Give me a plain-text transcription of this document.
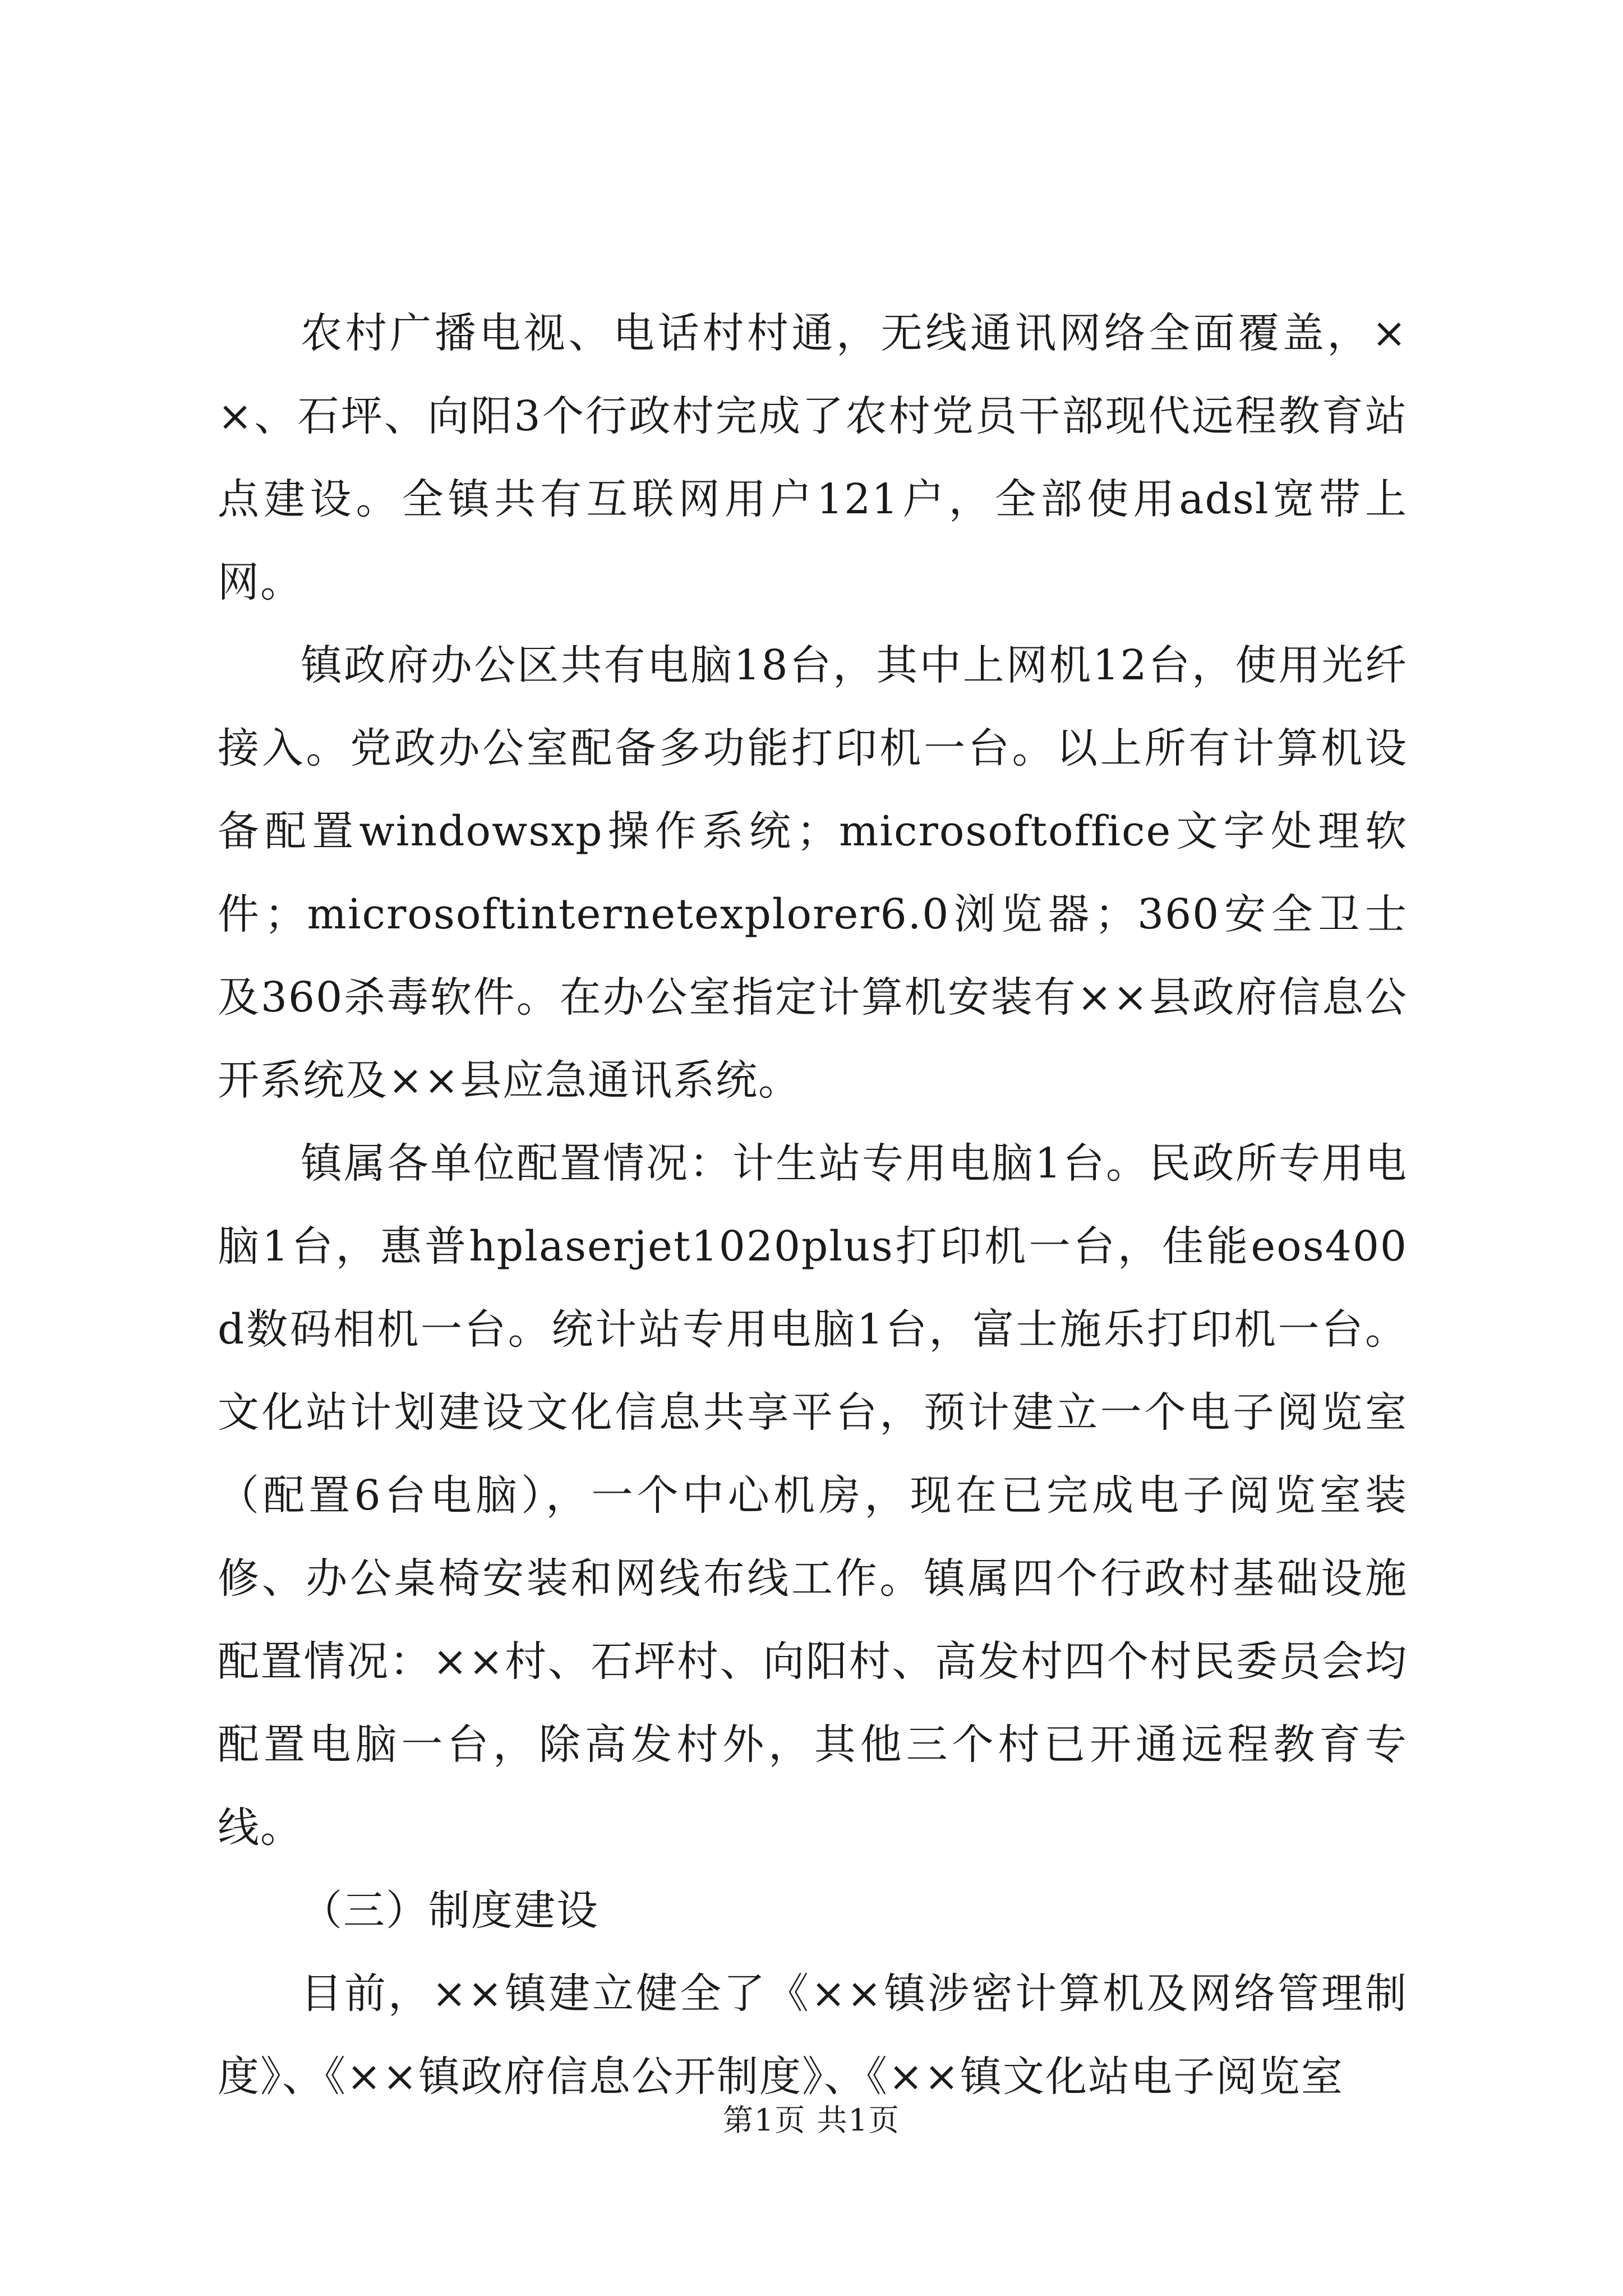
农村广播电视、电话村村通，无线通讯网络全面覆盖，××、石坪、向阳3个行政村完成了农村党员干部现代远程教育站点建设。全镇共有互联网用户121户，全部使用adsl宽带上网。

镇政府办公区共有电脑18台，其中上网机12台，使用光纤接入。党政办公室配备多功能打印机一台。以上所有计算机设备配置windowsxp操作系统；microsoftoffice文字处理软件；microsoftinternetexplorer6.0浏览器；360安全卫士及360杀毒软件。在办公室指定计算机安装有××县政府信息公开系统及××县应急通讯系统。

镇属各单位配置情况：计生站专用电脑1台。民政所专用电脑1台，惠普hplaserjet1020plus打印机一台，佳能eos400d数码相机一台。统计站专用电脑1台，富士施乐打印机一台。文化站计划建设文化信息共享平台，预计建立一个电子阅览室（配置6台电脑），一个中心机房，现在已完成电子阅览室装修、办公桌椅安装和网线布线工作。镇属四个行政村基础设施配置情况：××村、石坪村、向阳村、高发村四个村民委员会均配置电脑一台，除高发村外，其他三个村已开通远程教育专线。

（三）制度建设

目前，××镇建立健全了《××镇涉密计算机及网络管理制度》、《××镇政府信息公开制度》、《××镇文化站电子阅览室

第1页 共1页
